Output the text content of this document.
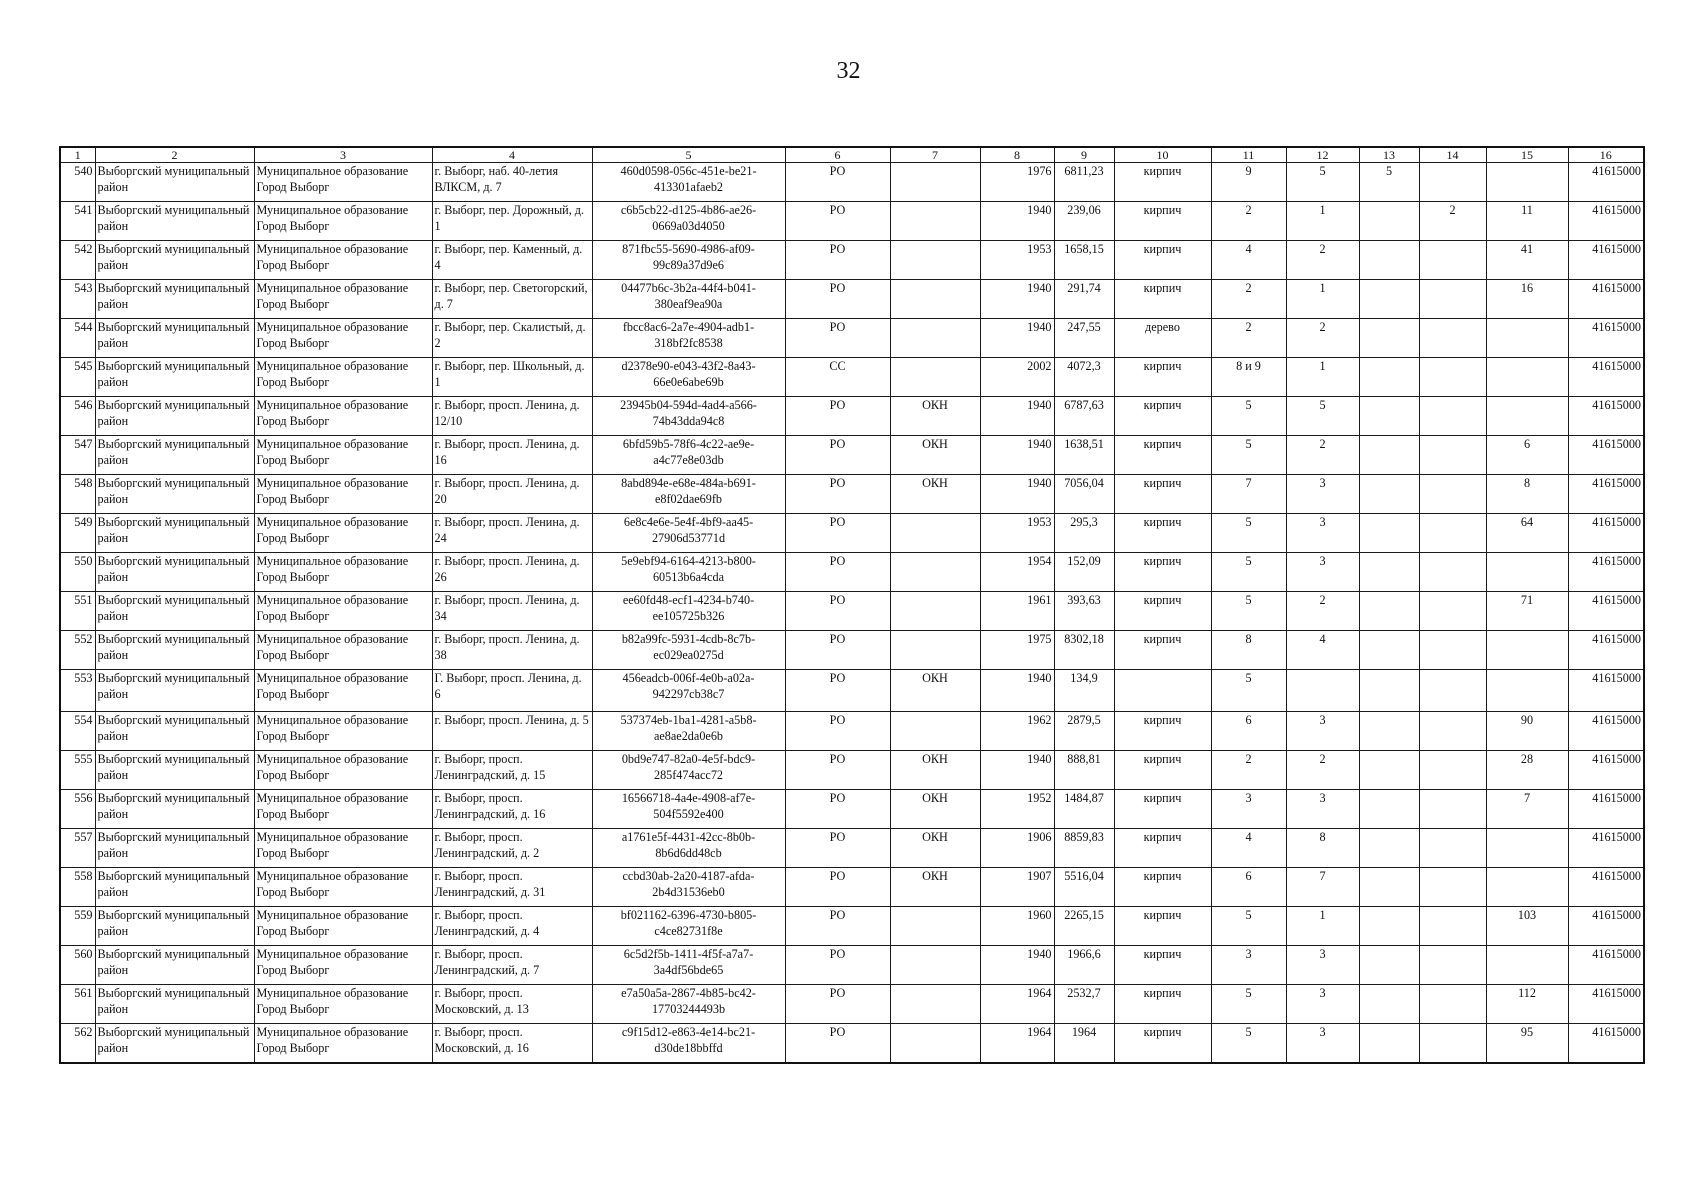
32
1	2	3	4	5	6	7	8	9	10	11	12	13	14	15	16
540	Выборгский муниципальный район	Муниципальное образование Город Выборг	г. Выборг, наб. 40-летия ВЛКСМ, д. 7	460d0598-056c-451e-be21-413301afaeb2	РО		1976	6811,23	кирпич	9	5	5			41615000
541	Выборгский муниципальный район	Муниципальное образование Город Выборг	г. Выборг, пер. Дорожный, д. 1	c6b5cb22-d125-4b86-ae26-0669a03d4050	РО		1940	239,06	кирпич	2	1		2	11	41615000
542	Выборгский муниципальный район	Муниципальное образование Город Выборг	г. Выборг, пер. Каменный, д. 4	871fbc55-5690-4986-af09-99c89a37d9e6	РО		1953	1658,15	кирпич	4	2			41	41615000
543	Выборгский муниципальный район	Муниципальное образование Город Выборг	г. Выборг, пер. Светогорский, д. 7	04477b6c-3b2a-44f4-b041-380eaf9ea90a	РО		1940	291,74	кирпич	2	1			16	41615000
544	Выборгский муниципальный район	Муниципальное образование Город Выборг	г. Выборг, пер. Скалистый, д. 2	fbcc8ac6-2a7e-4904-adb1-318bf2fc8538	РО		1940	247,55	дерево	2	2				41615000
545	Выборгский муниципальный район	Муниципальное образование Город Выборг	г. Выборг, пер. Школьный, д. 1	d2378e90-e043-43f2-8a43-66e0e6abe69b	СС		2002	4072,3	кирпич	8 и 9	1				41615000
546	Выборгский муниципальный район	Муниципальное образование Город Выборг	г. Выборг, просп. Ленина, д. 12/10	23945b04-594d-4ad4-a566-74b43dda94c8	РО	ОКН	1940	6787,63	кирпич	5	5				41615000
547	Выборгский муниципальный район	Муниципальное образование Город Выборг	г. Выборг, просп. Ленина, д. 16	6bfd59b5-78f6-4c22-ae9e-a4c77e8e03db	РО	ОКН	1940	1638,51	кирпич	5	2			6	41615000
548	Выборгский муниципальный район	Муниципальное образование Город Выборг	г. Выборг, просп. Ленина, д. 20	8abd894e-e68e-484a-b691-e8f02dae69fb	РО	ОКН	1940	7056,04	кирпич	7	3			8	41615000
549	Выборгский муниципальный район	Муниципальное образование Город Выборг	г. Выборг, просп. Ленина, д. 24	6e8c4e6e-5e4f-4bf9-aa45-27906d53771d	РО		1953	295,3	кирпич	5	3			64	41615000
550	Выборгский муниципальный район	Муниципальное образование Город Выборг	г. Выборг, просп. Ленина, д. 26	5e9ebf94-6164-4213-b800-60513b6a4cda	РО		1954	152,09	кирпич	5	3				41615000
551	Выборгский муниципальный район	Муниципальное образование Город Выборг	г. Выборг, просп. Ленина, д. 34	ee60fd48-ecf1-4234-b740-ee105725b326	РО		1961	393,63	кирпич	5	2			71	41615000
552	Выборгский муниципальный район	Муниципальное образование Город Выборг	г. Выборг, просп. Ленина, д. 38	b82a99fc-5931-4cdb-8c7b-ec029ea0275d	РО		1975	8302,18	кирпич	8	4				41615000
553	Выборгский муниципальный район	Муниципальное образование Город Выборг	Г. Выборг, просп. Ленина, д. 6	456eadcb-006f-4e0b-a02a-942297cb38c7	РО	ОКН	1940	134,9		5					41615000
554	Выборгский муниципальный район	Муниципальное образование Город Выборг	г. Выборг, просп. Ленина, д. 5	537374eb-1ba1-4281-a5b8-ae8ae2da0e6b	РО		1962	2879,5	кирпич	6	3			90	41615000
555	Выборгский муниципальный район	Муниципальное образование Город Выборг	г. Выборг, просп. Ленинградский, д. 15	0bd9e747-82a0-4e5f-bdc9-285f474acc72	РО	ОКН	1940	888,81	кирпич	2	2			28	41615000
556	Выборгский муниципальный район	Муниципальное образование Город Выборг	г. Выборг, просп. Ленинградский, д. 16	16566718-4a4e-4908-af7e-504f5592e400	РО	ОКН	1952	1484,87	кирпич	3	3			7	41615000
557	Выборгский муниципальный район	Муниципальное образование Город Выборг	г. Выборг, просп. Ленинградский, д. 2	a1761e5f-4431-42cc-8b0b-8b6d6dd48cb	РО	ОКН	1906	8859,83	кирпич	4	8				41615000
558	Выборгский муниципальный район	Муниципальное образование Город Выборг	г. Выборг, просп. Ленинградский, д. 31	ccbd30ab-2a20-4187-afda-2b4d31536eb0	РО	ОКН	1907	5516,04	кирпич	6	7				41615000
559	Выборгский муниципальный район	Муниципальное образование Город Выборг	г. Выборг, просп. Ленинградский, д. 4	bf021162-6396-4730-b805-c4ce82731f8e	РО		1960	2265,15	кирпич	5	1			103	41615000
560	Выборгский муниципальный район	Муниципальное образование Город Выборг	г. Выборг, просп. Ленинградский, д. 7	6c5d2f5b-1411-4f5f-a7a7-3a4df56bde65	РО		1940	1966,6	кирпич	3	3				41615000
561	Выборгский муниципальный район	Муниципальное образование Город Выборг	г. Выборг, просп. Московский, д. 13	e7a50a5a-2867-4b85-bc42-17703244493b	РО		1964	2532,7	кирпич	5	3			112	41615000
562	Выборгский муниципальный район	Муниципальное образование Город Выборг	г. Выборг, просп. Московский, д. 16	c9f15d12-e863-4e14-bc21-d30de18bbffd	РО		1964	1964	кирпич	5	3			95	41615000
